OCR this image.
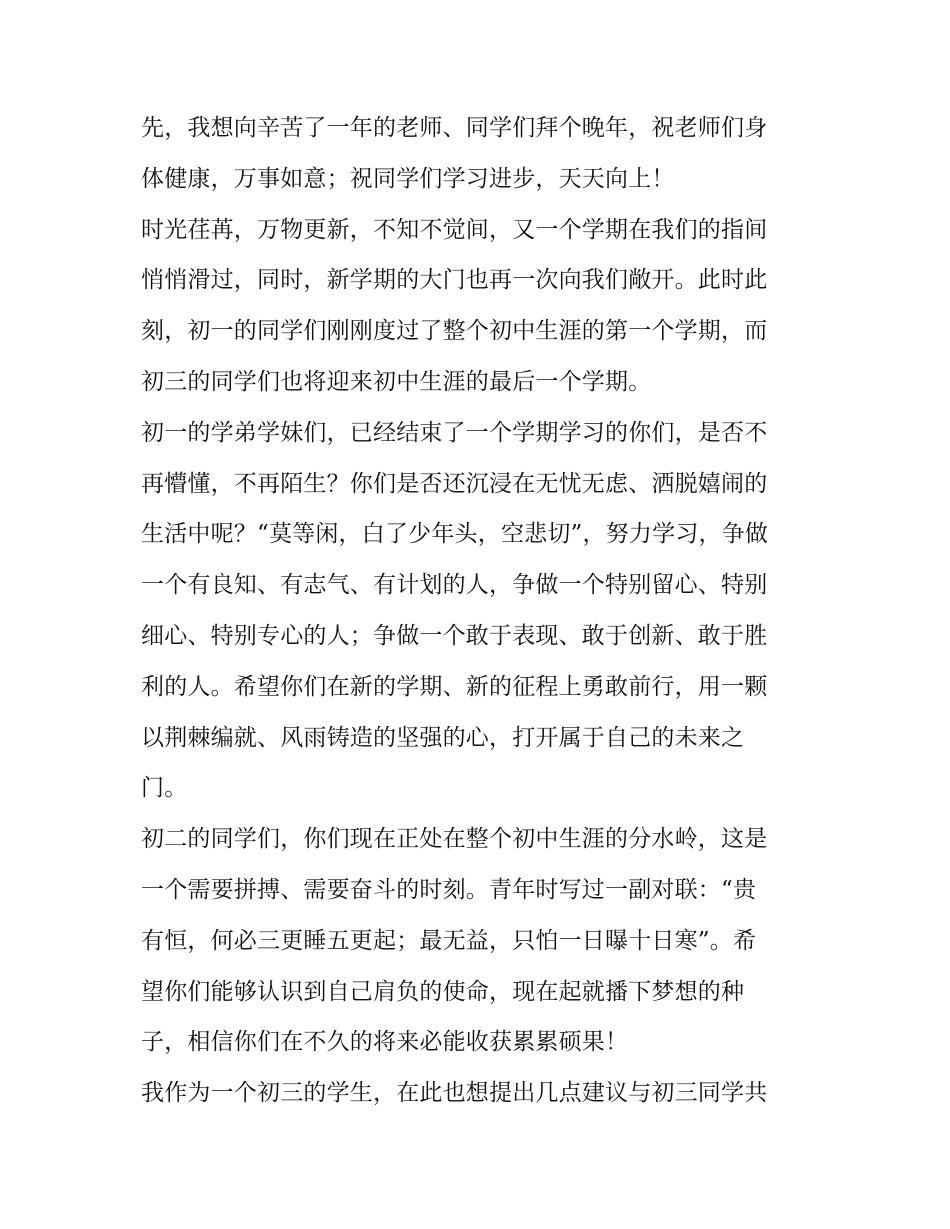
先，我想向辛苦了一年的老师、同学们拜个晚年，祝老师们身
体健康，万事如意；祝同学们学习进步，天天向上！
时光荏苒，万物更新，不知不觉间，又一个学期在我们的指间
悄悄滑过，同时，新学期的大门也再一次向我们敞开。此时此
刻，初一的同学们刚刚度过了整个初中生涯的第一个学期，而
初三的同学们也将迎来初中生涯的最后一个学期。
初一的学弟学妹们，已经结束了一个学期学习的你们，是否不
再懵懂，不再陌生？你们是否还沉浸在无忧无虑、洒脱嬉闹的
生活中呢？“莫等闲，白了少年头，空悲切”，努力学习，争做
一个有良知、有志气、有计划的人，争做一个特别留心、特别
细心、特别专心的人；争做一个敢于表现、敢于创新、敢于胜
利的人。希望你们在新的学期、新的征程上勇敢前行，用一颗
以荆棘编就、风雨铸造的坚强的心，打开属于自己的未来之
门。
初二的同学们，你们现在正处在整个初中生涯的分水岭，这是
一个需要拼搏、需要奋斗的时刻。青年时写过一副对联：“贵
有恒，何必三更睡五更起；最无益，只怕一日曝十日寒”。希
望你们能够认识到自己肩负的使命，现在起就播下梦想的种
子，相信你们在不久的将来必能收获累累硕果！
我作为一个初三的学生，在此也想提出几点建议与初三同学共
